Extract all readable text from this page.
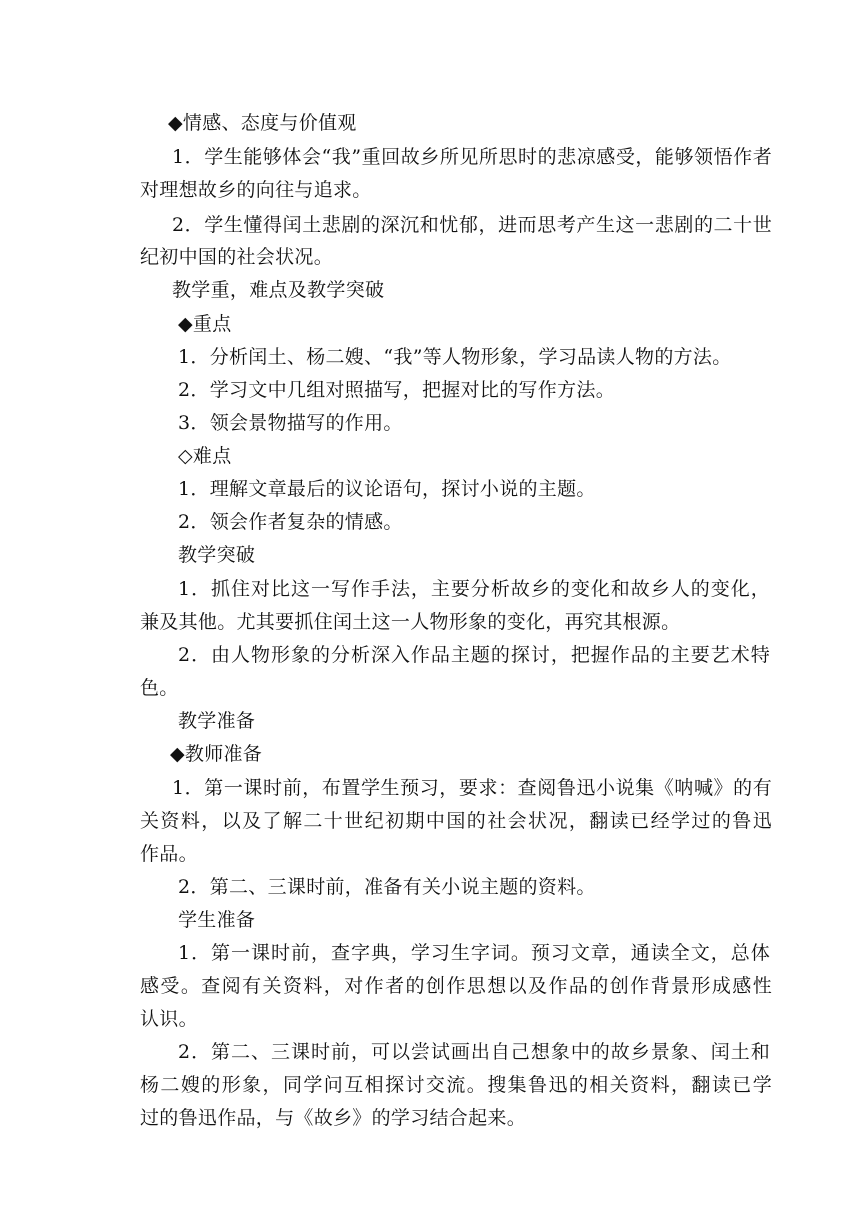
◆情感、态度与价值观
1．学生能够体会“我”重回故乡所见所思时的悲凉感受，能够领悟作者
对理想故乡的向往与追求。
2．学生懂得闰土悲剧的深沉和忧郁，进而思考产生这一悲剧的二十世
纪初中国的社会状况。
教学重，难点及教学突破
◆重点
1．分析闰土、杨二嫂、“我”等人物形象，学习品读人物的方法。
2．学习文中几组对照描写，把握对比的写作方法。
3．领会景物描写的作用。
◇难点
1．理解文章最后的议论语句，探讨小说的主题。
2．领会作者复杂的情感。
教学突破
1．抓住对比这一写作手法，主要分析故乡的变化和故乡人的变化，
兼及其他。尤其要抓住闰土这一人物形象的变化，再究其根源。
2．由人物形象的分析深入作品主题的探讨，把握作品的主要艺术特
色。
教学准备
◆教师准备
1．第一课时前，布置学生预习，要求：查阅鲁迅小说集《呐喊》的有
关资料，以及了解二十世纪初期中国的社会状况，翻读已经学过的鲁迅
作品。
2．第二、三课时前，准备有关小说主题的资料。
学生准备
1．第一课时前，查字典，学习生字词。预习文章，通读全文，总体
感受。查阅有关资料，对作者的创作思想以及作品的创作背景形成感性
认识。
2．第二、三课时前，可以尝试画出自己想象中的故乡景象、闰土和
杨二嫂的形象，同学问互相探讨交流。搜集鲁迅的相关资料，翻读已学
过的鲁迅作品，与《故乡》的学习结合起来。
